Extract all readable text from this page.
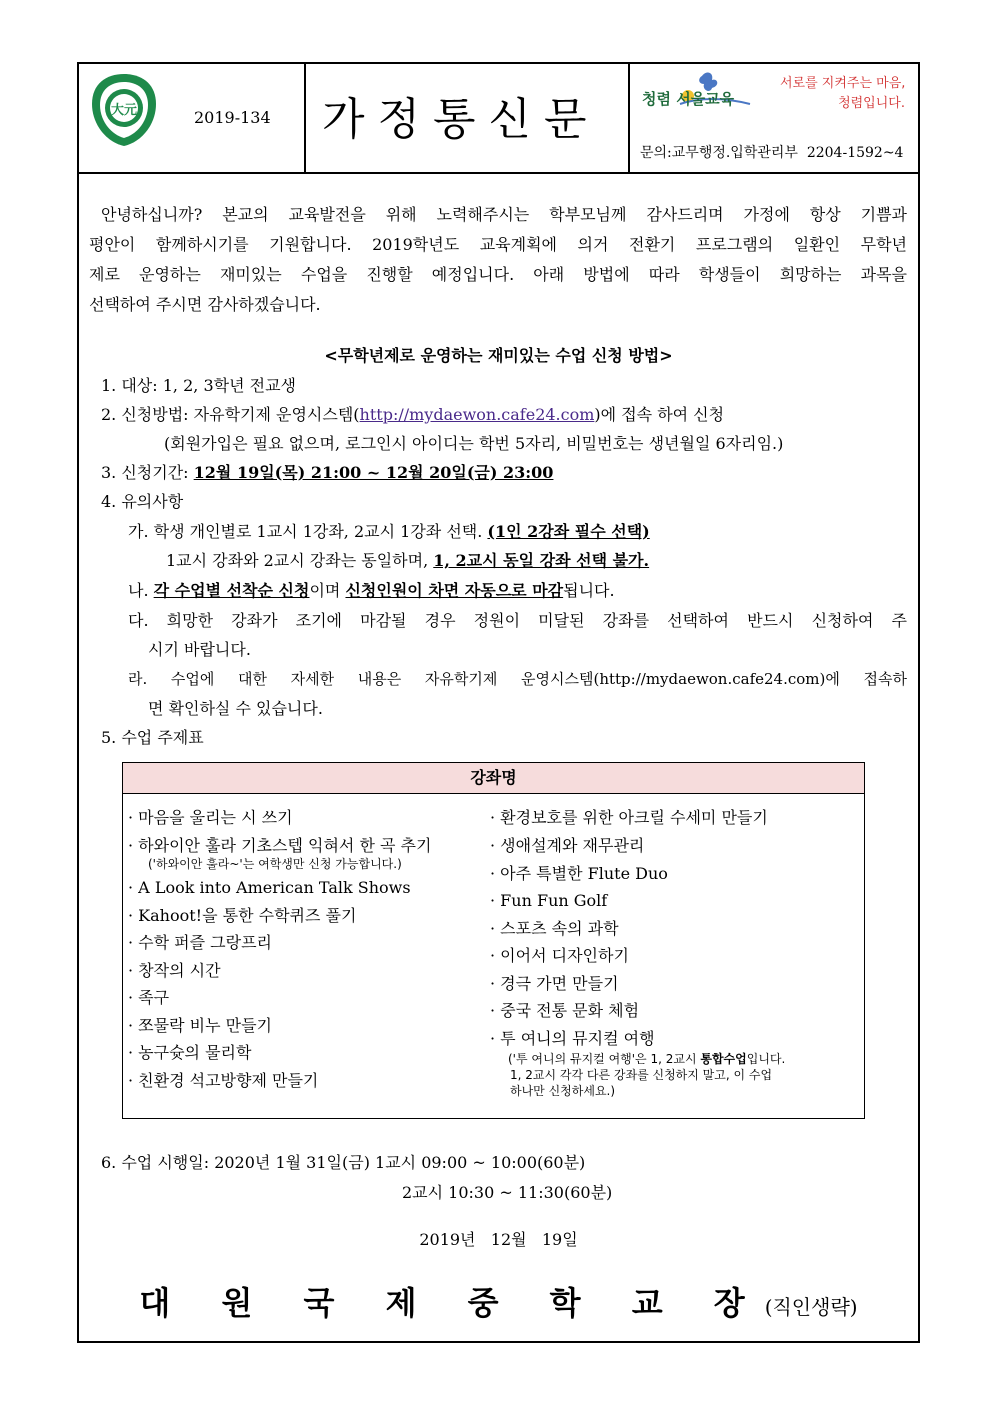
大元	2019-134 가정통신문	청렴 서울교육
서로를 지켜주는 마음,
청렴입니다.
문의:교무행정.입학관리부  2204-1592~4
안녕하십니까? 본교의 교육발전을 위해 노력해주시는 학부모님께 감사드리며 가정에 항상 기쁨과
평안이 함께하시기를 기원합니다. 2019학년도 교육계획에 의거 전환기 프로그램의 일환인 무학년
제로 운영하는 재미있는 수업을 진행할 예정입니다. 아래 방법에 따라 학생들이 희망하는 과목을
선택하여 주시면 감사하겠습니다.
<무학년제로 운영하는 재미있는 수업 신청 방법>
1. 대상: 1, 2, 3학년 전교생
2. 신청방법: 자유학기제 운영시스템(http://mydaewon.cafe24.com)에 접속 하여 신청
(회원가입은 필요 없으며, 로그인시 아이디는 학번 5자리, 비밀번호는 생년월일 6자리임.)
3. 신청기간: 12월 19일(목) 21:00 ~ 12월 20일(금) 23:00
4. 유의사항
가. 학생 개인별로 1교시 1강좌, 2교시 1강좌 선택. (1인 2강좌 필수 선택)
1교시 강좌와 2교시 강좌는 동일하며, 1, 2교시 동일 강좌 선택 불가.
나. 각 수업별 선착순 신청이며 신청인원이 차면 자동으로 마감됩니다.
다. 희망한 강좌가 조기에 마감될 경우 정원이 미달된 강좌를 선택하여 반드시 신청하여 주
시기 바랍니다.
라. 수업에 대한 자세한 내용은 자유학기제 운영시스템(http://mydaewon.cafe24.com)에 접속하
면 확인하실 수 있습니다.
5. 수업 주제표
강좌명
· 마음을 울리는 시 쓰기
· 하와이안 훌라 기초스텝 익혀서 한 곡 추기
('하와이안 훌라~'는 여학생만 신청 가능합니다.)
· A Look into American Talk Shows
· Kahoot!을 통한 수학퀴즈 풀기
· 수학 퍼즐 그랑프리
· 창작의 시간
· 족구
· 쪼물락 비누 만들기
· 농구슛의 물리학
· 친환경 석고방향제 만들기
· 환경보호를 위한 아크릴 수세미 만들기
· 생애설계와 재무관리
· 아주 특별한 Flute Duo
· Fun Fun Golf
· 스포츠 속의 과학
· 이어서 디자인하기
· 경극 가면 만들기
· 중국 전통 문화 체험
· 투 여니의 뮤지컬 여행
('투 여니의 뮤지컬 여행'은 1, 2교시 통합수업입니다.
1, 2교시 각각 다른 강좌를 신청하지 말고, 이 수업
하나만 신청하세요.)
6. 수업 시행일: 2020년 1월 31일(금) 1교시 09:00 ~ 10:00(60분)
2교시 10:30 ~ 11:30(60분)
2019년   12월   19일
대 원 국 제 중 학 교 장(직인생략)
